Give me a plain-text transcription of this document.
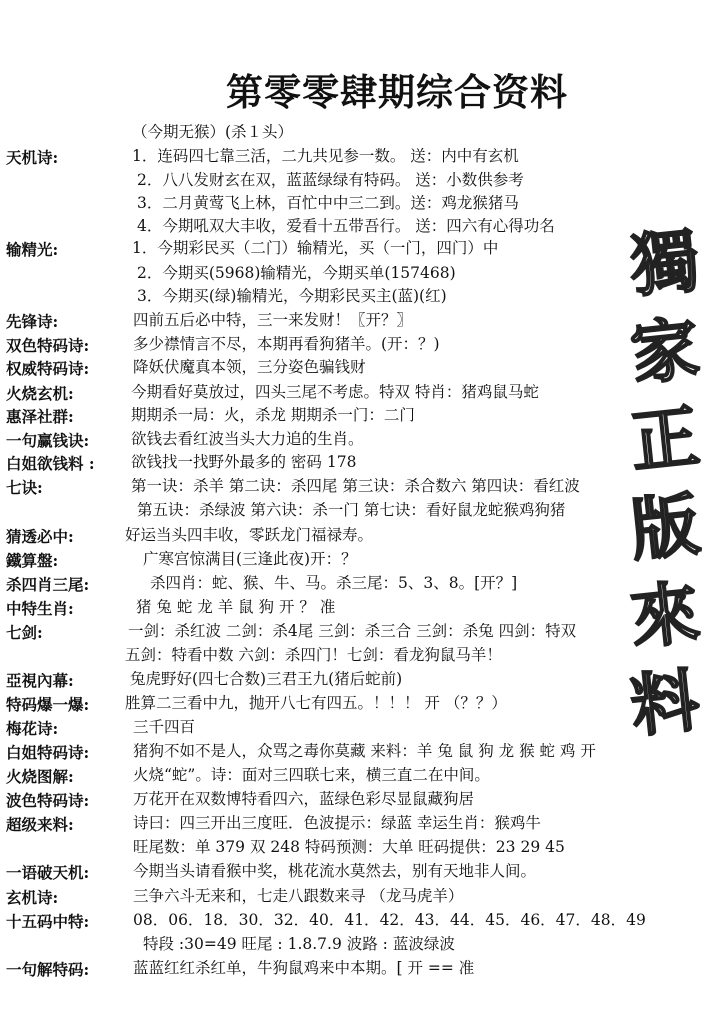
第零零肆期综合资料
（今期无猴）(杀１头）
獨
家
正
版
來
料
天机诗:	1．连码四七靠三活，二九共见参一数。 送：内中有玄机
2．八八发财玄在双，蓝蓝绿绿有特码。 送：小数供参考
3．二月黄莺飞上林，百忙中中三二到。送：鸡龙猴猪马
4．今期吼双大丰收，爱看十五带吾行。 送：四六有心得功名
输精光:	1．今期彩民买（二门）输精光，买（一门，四门）中
2．今期买(5968)输精光，今期买单(157468)
3．今期买(绿)输精光，今期彩民买主(蓝)(红)
先锋诗:	四前五后必中特，三一来发财！〖开？〗
双色特码诗:	多少襟情言不尽，本期再看狗猪羊。(开：？)
权威特码诗:	降妖伏魔真本领，三分姿色骗钱财
火烧玄机:	今期看好莫放过，四头三尾不考虑。特双 特肖：猪鸡鼠马蛇
惠泽社群:	期期杀一局：火，杀龙 期期杀一门：二门
一句赢钱诀:	欲钱去看红波当头大力追的生肖。
白姐欲钱料 : 欲钱找一找野外最多的 密码 178
七诀:	第一诀：杀羊 第二诀：杀四尾 第三诀：杀合数六 第四诀：看红波
第五诀：杀绿波 第六诀：杀一门 第七诀：看好鼠龙蛇猴鸡狗猪
猜透必中:	好运当头四丰收，零跃龙门福禄寿。
鐵算盤:	广寒宫惊满目(三逢此夜)开：？
杀四肖三尾:	杀四肖：蛇、猴、牛、马。杀三尾：5、3、8。[开？]
中特生肖:	猪 兔 蛇 龙 羊 鼠 狗 开 ？ 准
七剑:	一剑：杀红波 二剑：杀4尾 三剑：杀三合 三剑：杀兔 四剑：特双
五剑：特看中数 六剑：杀四门！七剑：看龙狗鼠马羊！
亞視內幕:	兔虎野好(四七合数)三君王九(猪后蛇前)
特码爆一爆: 胜算二三看中九，抛开八七有四五。！！！ 开 （？？）
梅花诗:	三千四百
白姐特码诗:	猪狗不如不是人，众骂之毒你莫藏 来料：羊 兔 鼠 狗 龙 猴 蛇 鸡 开
火烧图解:	火烧“蛇”。诗：面对三四联七来，横三直二在中间。
波色特码诗:	万花开在双数博特看四六，蓝绿色彩尽显鼠藏狗居
超级来料:	诗曰：四三开出三度旺．色波提示：绿蓝 幸运生肖：猴鸡牛
旺尾数：单 379 双 248 特码预测：大单 旺码提供：23 29 45
一语破天机:	今期当头请看猴中奖，桃花流水莫然去，别有天地非人间。
玄机诗:	三争六斗无来和，七走八跟数来寻 （龙马虎羊）
十五码中特:	08．06．18．30．32．40．41．42．43．44．45．46．47．48．49
特段 :30=49 旺尾 : 1.8.7.9 波路 : 蓝波绿波
一句解特码:	蓝蓝红红杀红单，牛狗鼠鸡来中本期。[ 开 == 准
